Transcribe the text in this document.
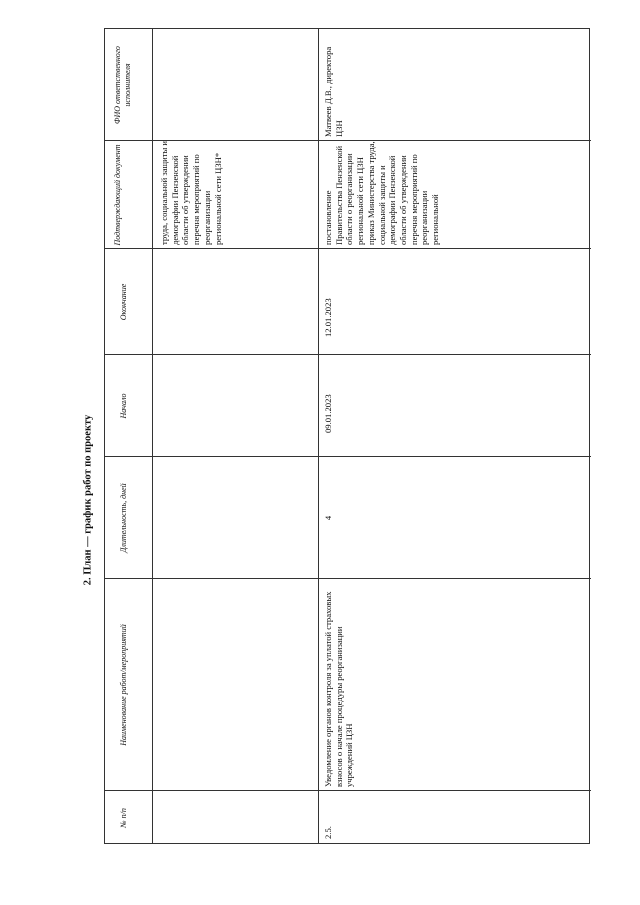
2. План — график работ по проекту
ФИО ответственного исполнителя
Подтверждающий документ
Окончание
Начало
Длительность, дней
Наименование работ/мероприятий
№ п/п
труда, социальной защиты и демографии Пензенской области об утверждении перечня мероприятий по реорганизации региональной сети ЦЗН*
Матвеев Д.В., директора ЦЗН
постановление Правительства Пензенской области о реорганизации региональной сети ЦЗН приказ Министерства труда, социальной защиты и демографии Пензенской области об утверждении перечня мероприятий по реорганизации региональной
12.01.2023
09.01.2023
4
Уведомление органов контроля за уплатой страховых взносов о начале процедуры реорганизации учреждений ЦЗН
2.5.
